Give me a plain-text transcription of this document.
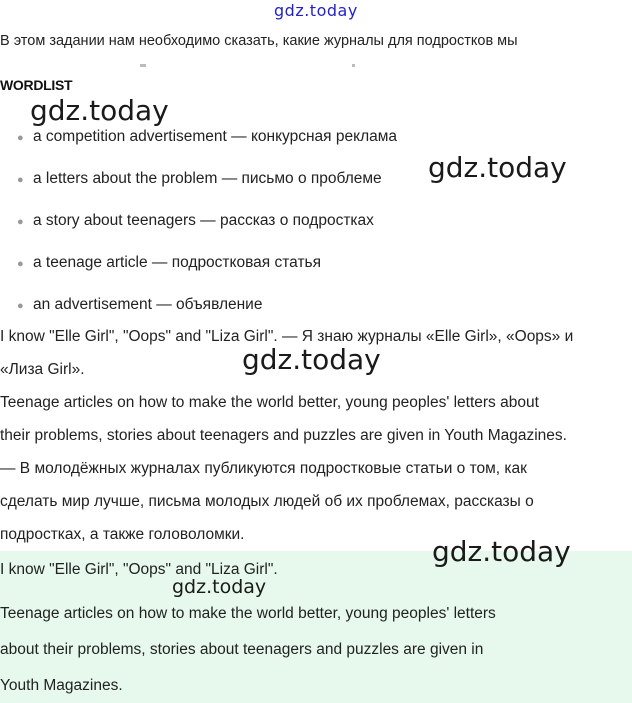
gdz.today
В этом задании нам необходимо сказать, какие журналы для подростков мы
WORDLIST
● a competition advertisement — конкурсная реклама
● a letters about the problem — письмо о проблеме
● a story about teenagers — рассказ о подростках
● a teenage article — подростковая статья
● an advertisement — объявление
I know "Elle Girl", "Oops" and "Liza Girl". — Я знаю журналы «Elle Girl», «Oops» и
«Лиза Girl».
Teenage articles on how to make the world better, young peoples' letters about
their problems, stories about teenagers and puzzles are given in Youth Magazines.
— В молодёжных журналах публикуются подростковые статьи о том, как
сделать мир лучше, письма молодых людей об их проблемах, рассказы о
подростках, а также головоломки.
I know "Elle Girl", "Oops" and "Liza Girl".
Teenage articles on how to make the world better, young peoples' letters
about their problems, stories about teenagers and puzzles are given in
Youth Magazines.
gdz.today
gdz.today
gdz.today
gdz.today
gdz.today
